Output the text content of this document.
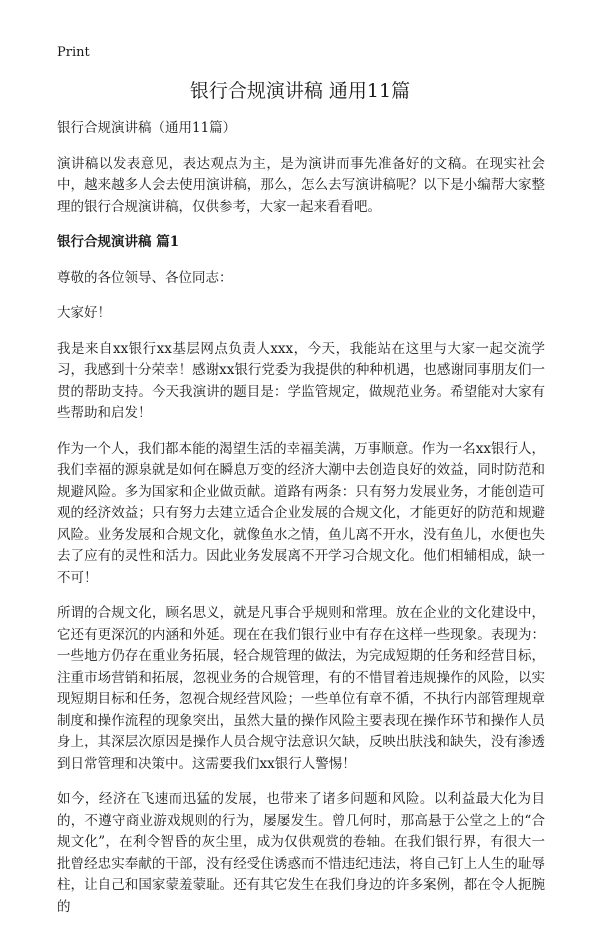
Print
银行合规演讲稿 通用11篇

银行合规演讲稿（通用11篇）

演讲稿以发表意见，表达观点为主，是为演讲而事先准备好的文稿。在现实社会中，越来越多人会去使用演讲稿，那么，怎么去写演讲稿呢？以下是小编帮大家整理的银行合规演讲稿，仅供参考，大家一起来看看吧。

银行合规演讲稿 篇1

尊敬的各位领导、各位同志：

大家好！

我是来自xx银行xx基层网点负责人xxx，今天，我能站在这里与大家一起交流学习，我感到十分荣幸！感谢xx银行党委为我提供的种种机遇，也感谢同事朋友们一贯的帮助支持。今天我演讲的题目是：学监管规定，做规范业务。希望能对大家有些帮助和启发！

作为一个人，我们都本能的渴望生活的幸福美满，万事顺意。作为一名xx银行人，我们幸福的源泉就是如何在瞬息万变的经济大潮中去创造良好的效益，同时防范和规避风险。多为国家和企业做贡献。道路有两条：只有努力发展业务，才能创造可观的经济效益；只有努力去建立适合企业发展的合规文化，才能更好的防范和规避风险。业务发展和合规文化，就像鱼水之情，鱼儿离不开水，没有鱼儿，水便也失去了应有的灵性和活力。因此业务发展离不开学习合规文化。他们相辅相成，缺一不可！

所谓的合规文化，顾名思义，就是凡事合乎规则和常理。放在企业的文化建设中，它还有更深沉的内涵和外延。现在在我们银行业中有存在这样一些现象。表现为：一些地方仍存在重业务拓展，轻合规管理的做法，为完成短期的任务和经营目标，注重市场营销和拓展，忽视业务的合规管理，有的不惜冒着违规操作的风险，以实现短期目标和任务，忽视合规经营风险；一些单位有章不循，不执行内部管理规章制度和操作流程的现象突出，虽然大量的操作风险主要表现在操作环节和操作人员身上，其深层次原因是操作人员合规守法意识欠缺，反映出肤浅和缺失，没有渗透到日常管理和决策中。这需要我们xx银行人警惕！

如今，经济在飞速而迅猛的发展，也带来了诸多问题和风险。以利益最大化为目的，不遵守商业游戏规则的行为，屡屡发生。曾几何时，那高悬于公堂之上的“合规文化”，在利令智昏的灰尘里，成为仅供观赏的卷轴。在我们银行界，有很大一批曾经忠实奉献的干部，没有经受住诱惑而不惜违纪违法，将自己钉上人生的耻辱柱，让自己和国家蒙羞蒙耻。还有其它发生在我们身边的许多案例，都在令人扼腕的
